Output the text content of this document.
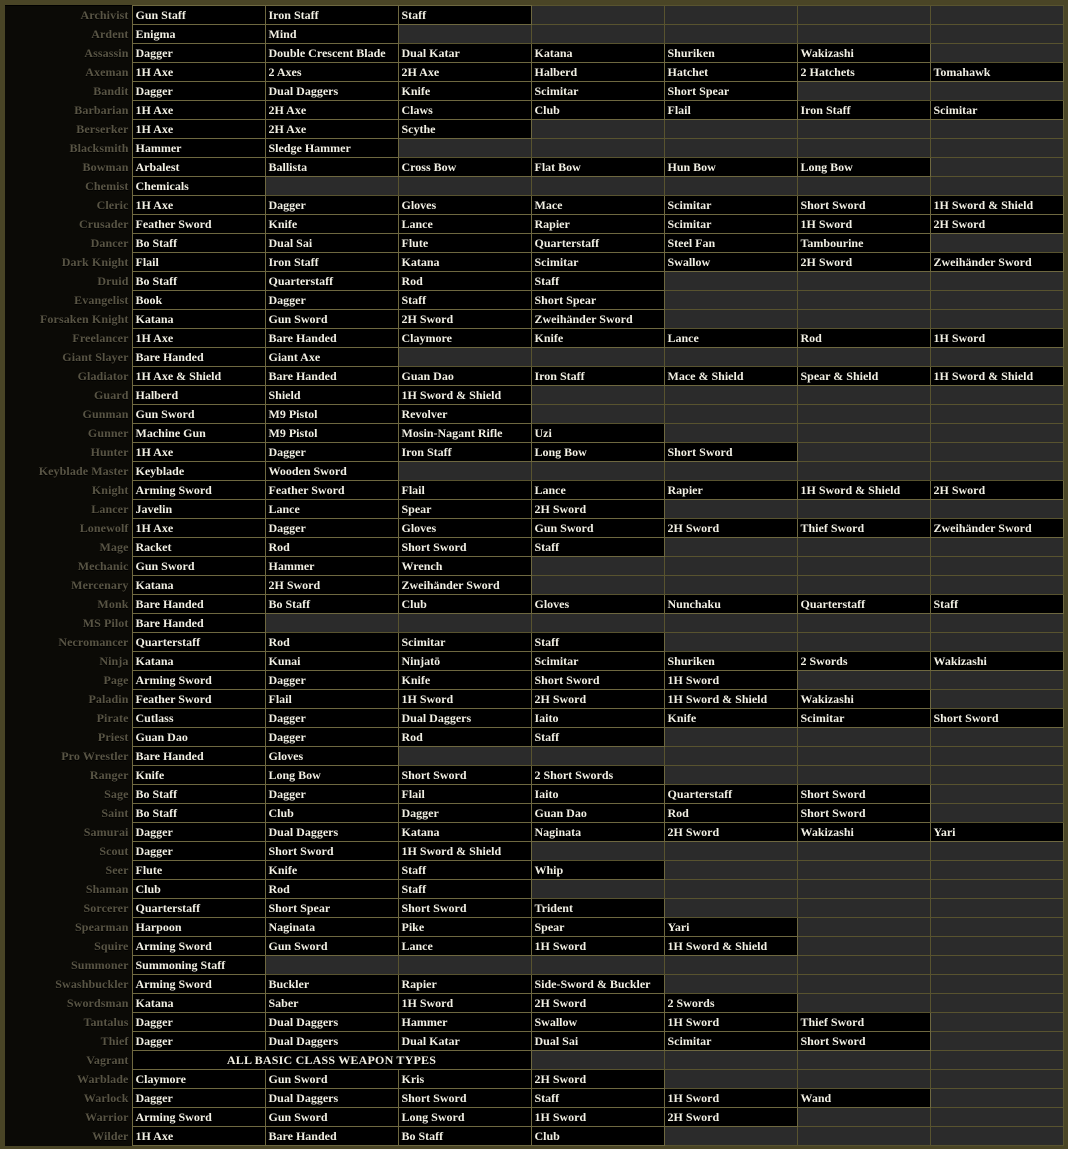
Archivist	Gun Staff	Iron Staff	Staff				
Ardent	Enigma	Mind					
Assassin	Dagger	Double Crescent Blade	Dual Katar	Katana	Shuriken	Wakizashi	
Axeman	1H Axe	2 Axes	2H Axe	Halberd	Hatchet	2 Hatchets	Tomahawk
Bandit	Dagger	Dual Daggers	Knife	Scimitar	Short Spear		
Barbarian	1H Axe	2H Axe	Claws	Club	Flail	Iron Staff	Scimitar
Berserker	1H Axe	2H Axe	Scythe				
Blacksmith	Hammer	Sledge Hammer					
Bowman	Arbalest	Ballista	Cross Bow	Flat Bow	Hun Bow	Long Bow	
Chemist	Chemicals						
Cleric	1H Axe	Dagger	Gloves	Mace	Scimitar	Short Sword	1H Sword & Shield
Crusader	Feather Sword	Knife	Lance	Rapier	Scimitar	1H Sword	2H Sword
Dancer	Bo Staff	Dual Sai	Flute	Quarterstaff	Steel Fan	Tambourine	
Dark Knight	Flail	Iron Staff	Katana	Scimitar	Swallow	2H Sword	Zweihänder Sword
Druid	Bo Staff	Quarterstaff	Rod	Staff			
Evangelist	Book	Dagger	Staff	Short Spear			
Forsaken Knight	Katana	Gun Sword	2H Sword	Zweihänder Sword			
Freelancer	1H Axe	Bare Handed	Claymore	Knife	Lance	Rod	1H Sword
Giant Slayer	Bare Handed	Giant Axe					
Gladiator	1H Axe & Shield	Bare Handed	Guan Dao	Iron Staff	Mace & Shield	Spear & Shield	1H Sword & Shield
Guard	Halberd	Shield	1H Sword & Shield				
Gunman	Gun Sword	M9 Pistol	Revolver				
Gunner	Machine Gun	M9 Pistol	Mosin-Nagant Rifle	Uzi			
Hunter	1H Axe	Dagger	Iron Staff	Long Bow	Short Sword		
Keyblade Master	Keyblade	Wooden Sword					
Knight	Arming Sword	Feather Sword	Flail	Lance	Rapier	1H Sword & Shield	2H Sword
Lancer	Javelin	Lance	Spear	2H Sword			
Lonewolf	1H Axe	Dagger	Gloves	Gun Sword	2H Sword	Thief Sword	Zweihänder Sword
Mage	Racket	Rod	Short Sword	Staff			
Mechanic	Gun Sword	Hammer	Wrench				
Mercenary	Katana	2H Sword	Zweihänder Sword				
Monk	Bare Handed	Bo Staff	Club	Gloves	Nunchaku	Quarterstaff	Staff
MS Pilot	Bare Handed						
Necromancer	Quarterstaff	Rod	Scimitar	Staff			
Ninja	Katana	Kunai	Ninjatō	Scimitar	Shuriken	2 Swords	Wakizashi
Page	Arming Sword	Dagger	Knife	Short Sword	1H Sword		
Paladin	Feather Sword	Flail	1H Sword	2H Sword	1H Sword & Shield	Wakizashi	
Pirate	Cutlass	Dagger	Dual Daggers	Iaito	Knife	Scimitar	Short Sword
Priest	Guan Dao	Dagger	Rod	Staff			
Pro Wrestler	Bare Handed	Gloves					
Ranger	Knife	Long Bow	Short Sword	2 Short Swords			
Sage	Bo Staff	Dagger	Flail	Iaito	Quarterstaff	Short Sword	
Saint	Bo Staff	Club	Dagger	Guan Dao	Rod	Short Sword	
Samurai	Dagger	Dual Daggers	Katana	Naginata	2H Sword	Wakizashi	Yari
Scout	Dagger	Short Sword	1H Sword & Shield				
Seer	Flute	Knife	Staff	Whip			
Shaman	Club	Rod	Staff				
Sorcerer	Quarterstaff	Short Spear	Short Sword	Trident			
Spearman	Harpoon	Naginata	Pike	Spear	Yari		
Squire	Arming Sword	Gun Sword	Lance	1H Sword	1H Sword & Shield		
Summoner	Summoning Staff						
Swashbuckler	Arming Sword	Buckler	Rapier	Side-Sword & Buckler			
Swordsman	Katana	Saber	1H Sword	2H Sword	2 Swords		
Tantalus	Dagger	Dual Daggers	Hammer	Swallow	1H Sword	Thief Sword	
Thief	Dagger	Dual Daggers	Dual Katar	Dual Sai	Scimitar	Short Sword	
Vagrant	ALL BASIC CLASS WEAPON TYPES						
Warblade	Claymore	Gun Sword	Kris	2H Sword			
Warlock	Dagger	Dual Daggers	Short Sword	Staff	1H Sword	Wand	
Warrior	Arming Sword	Gun Sword	Long Sword	1H Sword	2H Sword		
Wilder	1H Axe	Bare Handed	Bo Staff	Club			
